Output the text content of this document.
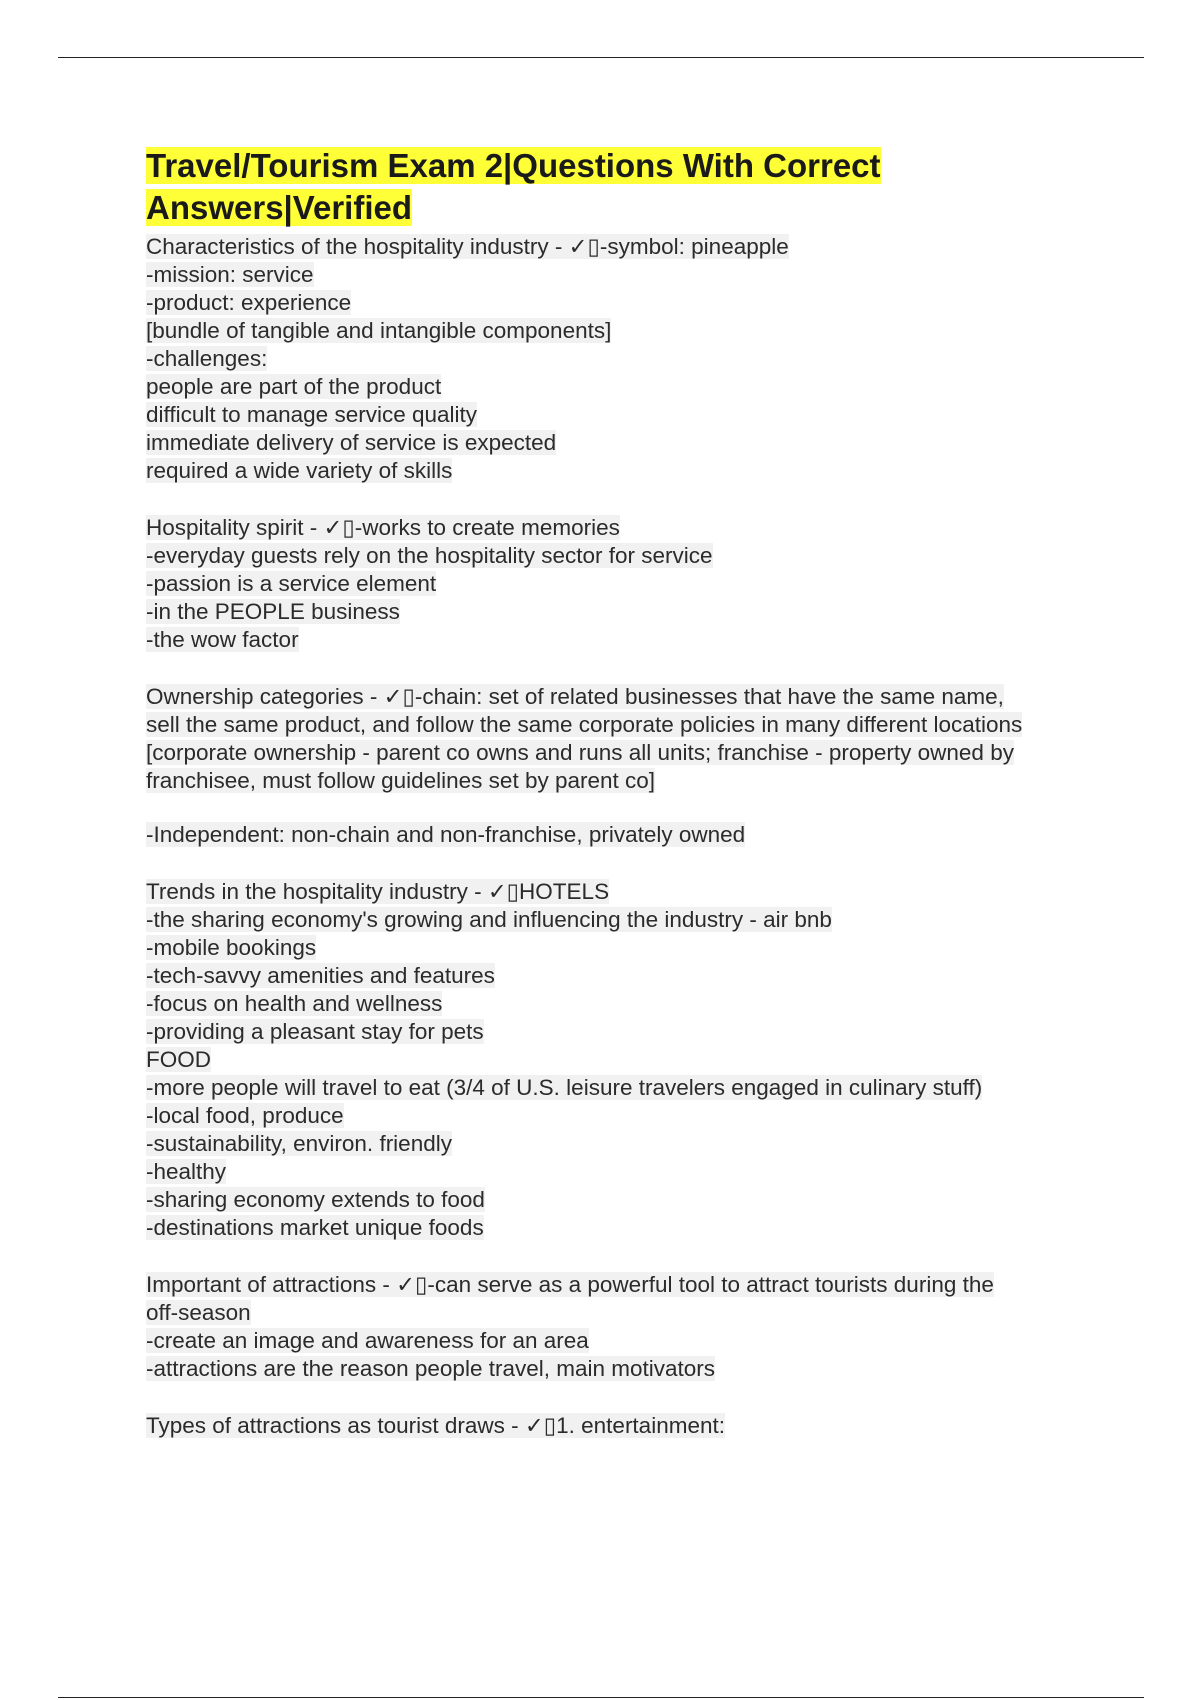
Travel/Tourism Exam 2|Questions With Correct
Answers|Verified
Characteristics of the hospitality industry - ✓▯-symbol: pineapple
-mission: service
-product: experience
[bundle of tangible and intangible components]
-challenges:
people are part of the product
difficult to manage service quality
immediate delivery of service is expected
required a wide variety of skills
Hospitality spirit - ✓▯-works to create memories
-everyday guests rely on the hospitality sector for service
-passion is a service element
-in the PEOPLE business
-the wow factor
Ownership categories - ✓▯-chain: set of related businesses that have the same name,
sell the same product, and follow the same corporate policies in many different locations
[corporate ownership - parent co owns and runs all units; franchise - property owned by
franchisee, must follow guidelines set by parent co]
-Independent: non-chain and non-franchise, privately owned
Trends in the hospitality industry - ✓▯HOTELS
-the sharing economy's growing and influencing the industry - air bnb
-mobile bookings
-tech-savvy amenities and features
-focus on health and wellness
-providing a pleasant stay for pets
FOOD
-more people will travel to eat (3/4 of U.S. leisure travelers engaged in culinary stuff)
-local food, produce
-sustainability, environ. friendly
-healthy
-sharing economy extends to food
-destinations market unique foods
Important of attractions - ✓▯-can serve as a powerful tool to attract tourists during the
off-season
-create an image and awareness for an area
-attractions are the reason people travel, main motivators
Types of attractions as tourist draws - ✓▯1. entertainment:
